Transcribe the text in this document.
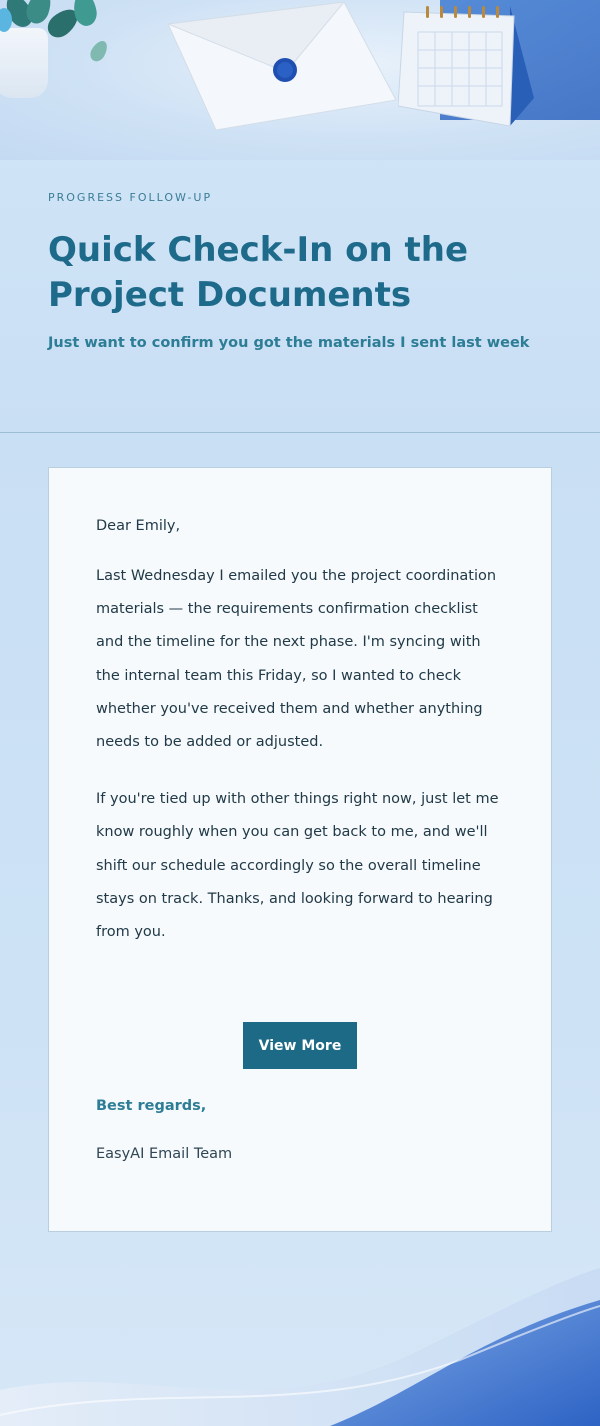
PROGRESS FOLLOW-UP
Quick Check-In on the Project Documents
Just want to confirm you got the materials I sent last week

Dear Emily,

Last Wednesday I emailed you the project coordination materials — the requirements confirmation checklist and the timeline for the next phase. I'm syncing with the internal team this Friday, so I wanted to check whether you've received them and whether anything needs to be added or adjusted.

If you're tied up with other things right now, just let me know roughly when you can get back to me, and we'll shift our schedule accordingly so the overall timeline stays on track. Thanks, and looking forward to hearing from you.

View More
Best regards,
EasyAI Email Team
